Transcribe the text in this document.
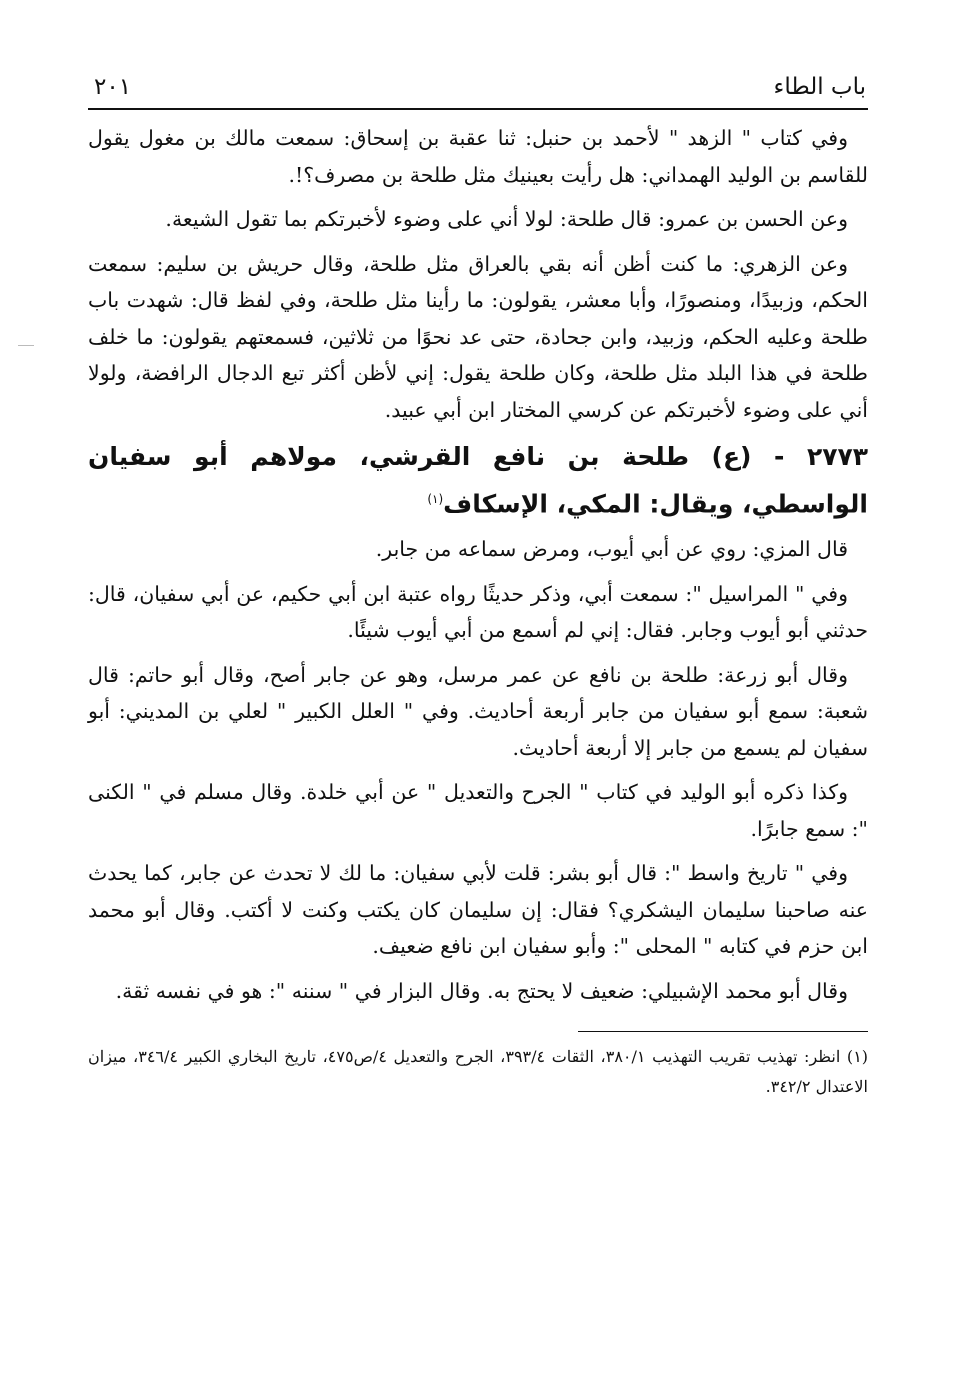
باب الطاء
٢٠١

وفي كتاب " الزهد " لأحمد بن حنبل: ثنا عقبة بن إسحاق: سمعت مالك بن مغول يقول للقاسم بن الوليد الهمداني: هل رأيت بعينيك مثل طلحة بن مصرف؟!.

وعن الحسن بن عمرو: قال طلحة: لولا أني على وضوء لأخبرتكم بما تقول الشيعة.

وعن الزهري: ما كنت أظن أنه بقي بالعراق مثل طلحة، وقال حريش بن سليم: سمعت الحكم، وزبيدًا، ومنصورًا، وأبا معشر، يقولون: ما رأينا مثل طلحة، وفي لفظ قال: شهدت باب طلحة وعليه الحكم، وزبيد، وابن جحادة، حتى عد نحوًا من ثلاثين، فسمعتهم يقولون: ما خلف طلحة في هذا البلد مثل طلحة، وكان طلحة يقول: إني لأظن أكثر تبع الدجال الرافضة، ولولا أني على وضوء لأخبرتكم عن كرسي المختار ابن أبي عبيد.

٢٧٧٣ - (ع) طلحة بن نافع القرشي، مولاهم أبو سفيان الواسطي، ويقال: المكي، الإسكاف$^{(١)}$

قال المزي: روي عن أبي أيوب، ومرض سماعه من جابر.

وفي " المراسيل ": سمعت أبي، وذكر حديثًا رواه عتبة ابن أبي حكيم، عن أبي سفيان، قال: حدثني أبو أيوب وجابر. فقال: إني لم أسمع من أبي أيوب شيئًا.

وقال أبو زرعة: طلحة بن نافع عن عمر مرسل، وهو عن جابر أصح، وقال أبو حاتم: قال شعبة: سمع أبو سفيان من جابر أربعة أحاديث. وفي " العلل الكبير " لعلي بن المديني: أبو سفيان لم يسمع من جابر إلا أربعة أحاديث.

وكذا ذكره أبو الوليد في كتاب " الجرح والتعديل " عن أبي خلدة. وقال مسلم في " الكنى ": سمع جابرًا.

وفي " تاريخ واسط ": قال أبو بشر: قلت لأبي سفيان: ما لك لا تحدث عن جابر، كما يحدث عنه صاحبنا سليمان اليشكري؟ فقال: إن سليمان كان يكتب وكنت لا أكتب. وقال أبو محمد ابن حزم في كتابه " المحلى ": وأبو سفيان ابن نافع ضعيف.

وقال أبو محمد الإشبيلي: ضعيف لا يحتج به. وقال البزار في " سننه ": هو في نفسه ثقة.

(١) انظر: تهذيب تقريب التهذيب ٣٨٠/١، الثقات ٣٩٣/٤، الجرح والتعديل ٤/ص٤٧٥، تاريخ البخاري الكبير ٣٤٦/٤، ميزان الاعتدال ٣٤٢/٢.
